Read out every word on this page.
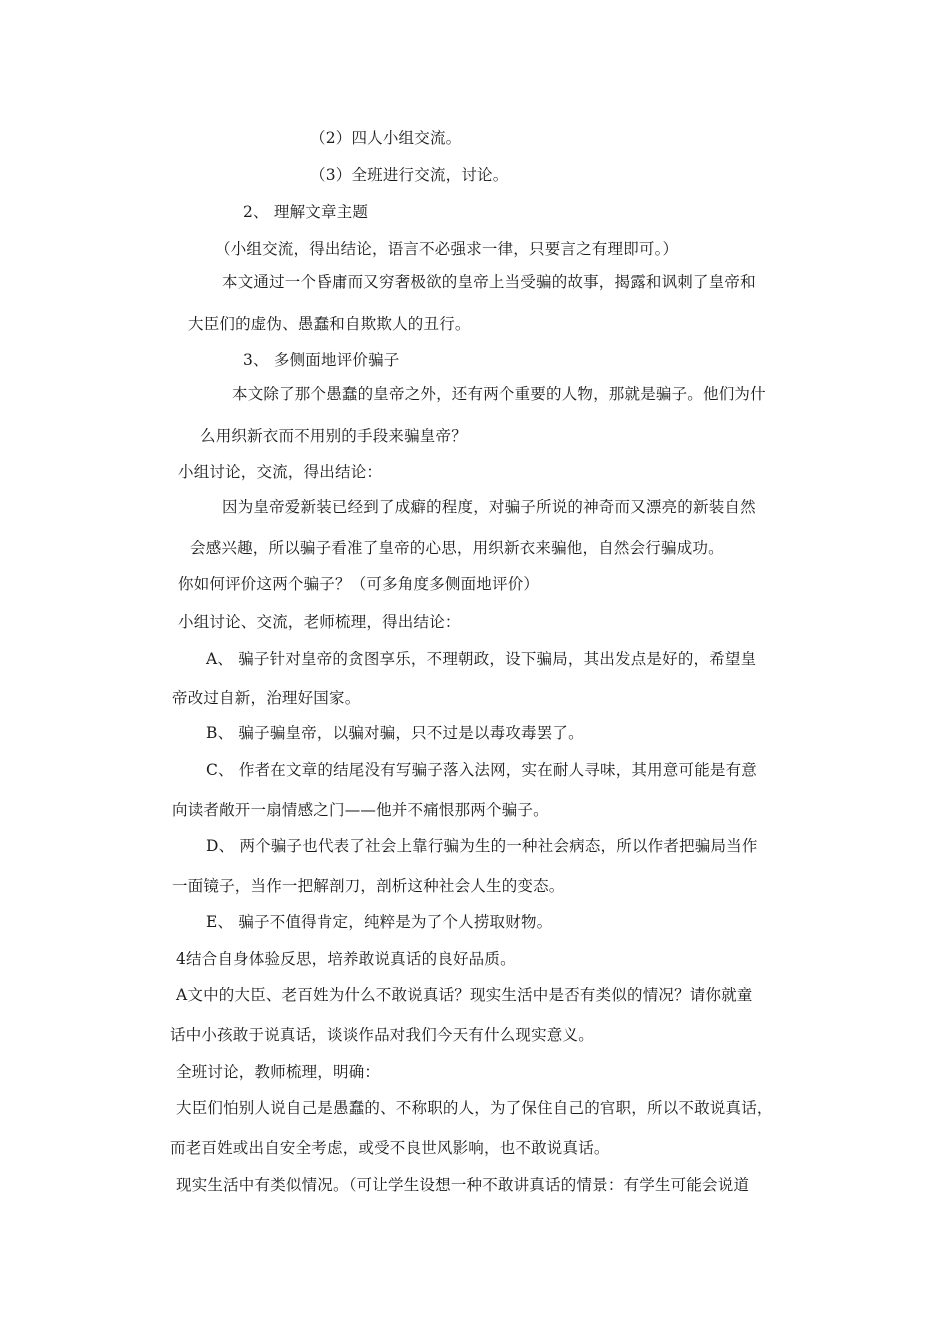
（2）四人小组交流。
（3）全班进行交流，讨论。
2、 理解文章主题
（小组交流，得出结论，语言不必强求一律，只要言之有理即可。）
本文通过一个昏庸而又穷奢极欲的皇帝上当受骗的故事，揭露和讽刺了皇帝和
大臣们的虚伪、愚蠢和自欺欺人的丑行。
3、 多侧面地评价骗子
本文除了那个愚蠢的皇帝之外，还有两个重要的人物，那就是骗子。他们为什
么用织新衣而不用别的手段来骗皇帝？
小组讨论，交流，得出结论：
因为皇帝爱新装已经到了成癖的程度，对骗子所说的神奇而又漂亮的新装自然
会感兴趣，所以骗子看准了皇帝的心思，用织新衣来骗他，自然会行骗成功。
你如何评价这两个骗子？（可多角度多侧面地评价）
小组讨论、交流，老师梳理，得出结论：
A、 骗子针对皇帝的贪图享乐，不理朝政，设下骗局，其出发点是好的，希望皇
帝改过自新，治理好国家。
B、 骗子骗皇帝，以骗对骗，只不过是以毒攻毒罢了。
C、 作者在文章的结尾没有写骗子落入法网，实在耐人寻味，其用意可能是有意
向读者敞开一扇情感之门——他并不痛恨那两个骗子。
D、 两个骗子也代表了社会上靠行骗为生的一种社会病态，所以作者把骗局当作
一面镜子，当作一把解剖刀，剖析这种社会人生的变态。
E、 骗子不值得肯定，纯粹是为了个人捞取财物。
4结合自身体验反思，培养敢说真话的良好品质。
A文中的大臣、老百姓为什么不敢说真话？现实生活中是否有类似的情况？请你就童
话中小孩敢于说真话，谈谈作品对我们今天有什么现实意义。
全班讨论，教师梳理，明确：
大臣们怕别人说自己是愚蠢的、不称职的人，为了保住自己的官职，所以不敢说真话，
而老百姓或出自安全考虑，或受不良世风影响，也不敢说真话。
现实生活中有类似情况。（可让学生设想一种不敢讲真话的情景：有学生可能会说道
